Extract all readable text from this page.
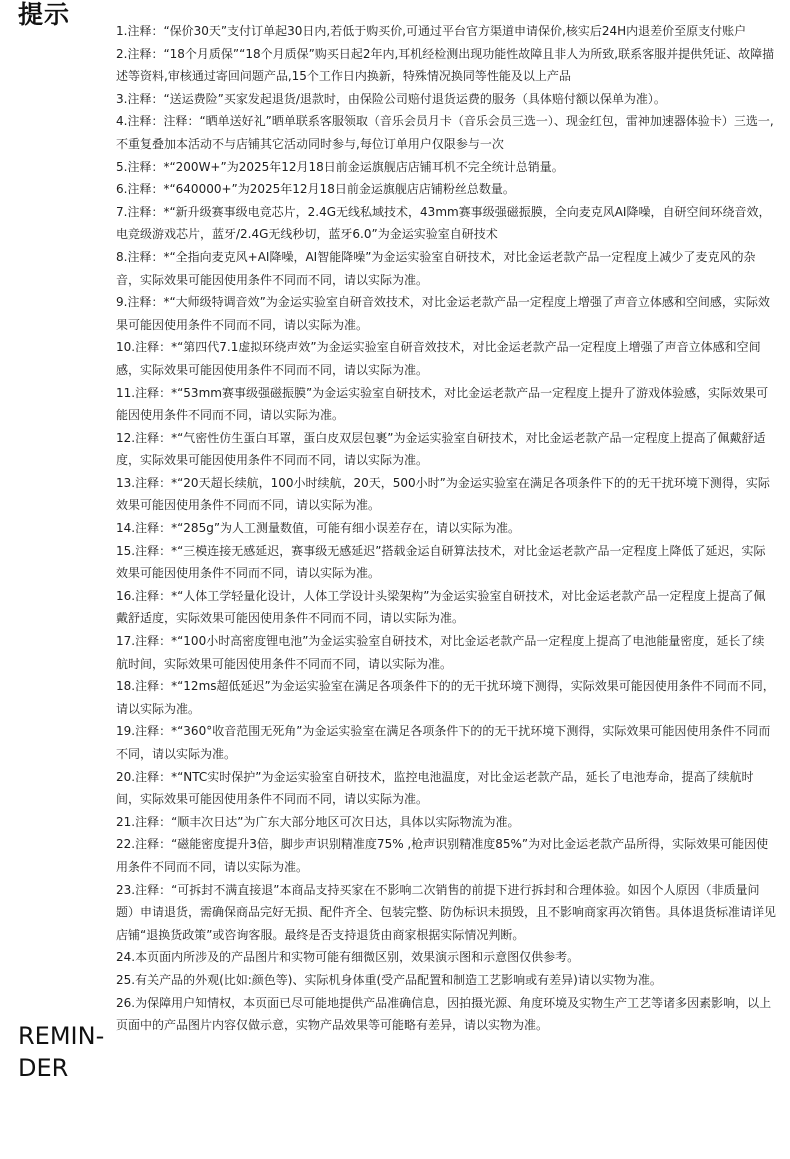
提示
1.注释：“保价30天”支付订单起30日内,若低于购买价,可通过平台官方渠道申请保价,核实后24H内退差价至原支付账户
2.注释：“18个月质保”“18个月质保”购买日起2年内,耳机经检测出现功能性故障且非人为所致,联系客服并提供凭证、故障描述等资料,审核通过寄回问题产品,15个工作日内换新，特殊情况换同等性能及以上产品
3.注释：“送运费险”买家发起退货/退款时，由保险公司赔付退货运费的服务（具体赔付额以保单为准）。
4.注释：注释：“晒单送好礼”晒单联系客服领取（音乐会员月卡（音乐会员三选一）、现金红包，雷神加速器体验卡）三选一,不重复叠加本活动不与店铺其它活动同时参与,每位订单用户仅限参与一次
5.注释：*“200W+”为2025年12月18日前金运旗舰店店铺耳机不完全统计总销量。
6.注释：*“640000+”为2025年12月18日前金运旗舰店店铺粉丝总数量。
7.注释：*“新升级赛事级电竞芯片，2.4G无线私域技术，43mm赛事级强磁振膜，全向麦克风AI降噪，自研空间环绕音效，电竞级游戏芯片，蓝牙/2.4G无线秒切，蓝牙6.0”为金运实验室自研技术
8.注释：*“全指向麦克风+AI降噪，AI智能降噪”为金运实验室自研技术，对比金运老款产品一定程度上减少了麦克风的杂音，实际效果可能因使用条件不同而不同，请以实际为准。
9.注释：*“大师级特调音效”为金运实验室自研音效技术，对比金运老款产品一定程度上增强了声音立体感和空间感，实际效果可能因使用条件不同而不同，请以实际为准。
10.注释：*“第四代7.1虚拟环绕声效”为金运实验室自研音效技术，对比金运老款产品一定程度上增强了声音立体感和空间感，实际效果可能因使用条件不同而不同，请以实际为准。
11.注释：*“53mm赛事级强磁振膜”为金运实验室自研技术，对比金运老款产品一定程度上提升了游戏体验感，实际效果可能因使用条件不同而不同，请以实际为准。
12.注释：*“气密性仿生蛋白耳罩，蛋白皮双层包裹”为金运实验室自研技术，对比金运老款产品一定程度上提高了佩戴舒适度，实际效果可能因使用条件不同而不同，请以实际为准。
13.注释：*“20天超长续航，100小时续航，20天，500小时”为金运实验室在满足各项条件下的的无干扰环境下测得，实际效果可能因使用条件不同而不同，请以实际为准。
14.注释：*“285g”为人工测量数值，可能有细小误差存在，请以实际为准。
15.注释：*“三模连接无感延迟，赛事级无感延迟”搭载金运自研算法技术，对比金运老款产品一定程度上降低了延迟，实际效果可能因使用条件不同而不同，请以实际为准。
16.注释：*“人体工学轻量化设计，人体工学设计头梁架构”为金运实验室自研技术，对比金运老款产品一定程度上提高了佩戴舒适度，实际效果可能因使用条件不同而不同，请以实际为准。
17.注释：*“100小时高密度锂电池”为金运实验室自研技术，对比金运老款产品一定程度上提高了电池能量密度，延长了续航时间，实际效果可能因使用条件不同而不同，请以实际为准。
18.注释：*“12ms超低延迟”为金运实验室在满足各项条件下的的无干扰环境下测得，实际效果可能因使用条件不同而不同，请以实际为准。
19.注释：*“360°收音范围无死角”为金运实验室在满足各项条件下的的无干扰环境下测得，实际效果可能因使用条件不同而不同，请以实际为准。
20.注释：*“NTC实时保护”为金运实验室自研技术，监控电池温度，对比金运老款产品，延长了电池寿命，提高了续航时间，实际效果可能因使用条件不同而不同，请以实际为准。
21.注释：“顺丰次日达”为广东大部分地区可次日达，具体以实际物流为准。
22.注释：“磁能密度提升3倍，脚步声识别精准度75% ,枪声识别精准度85%”为对比金运老款产品所得，实际效果可能因使用条件不同而不同，请以实际为准。
23.注释：“可拆封不满直接退”本商品支持买家在不影响二次销售的前提下进行拆封和合理体验。如因个人原因（非质量问题）申请退货，需确保商品完好无损、配件齐全、包装完整、防伪标识未损毁，且不影响商家再次销售。具体退货标准请详见店铺“退换货政策”或咨询客服。最终是否支持退货由商家根据实际情况判断。
24.本页面内所涉及的产品图片和实物可能有细微区别，效果演示图和示意图仅供参考。
25.有关产品的外观(比如:颜色等)、实际机身体重(受产品配置和制造工艺影响或有差异)请以实物为准。
26.为保障用户知情权，本页面已尽可能地提供产品准确信息，因拍摄光源、角度环境及实物生产工艺等诸多因素影响，以上页面中的产品图片内容仅做示意，实物产品效果等可能略有差异，请以实物为准。
REMIN-DER
